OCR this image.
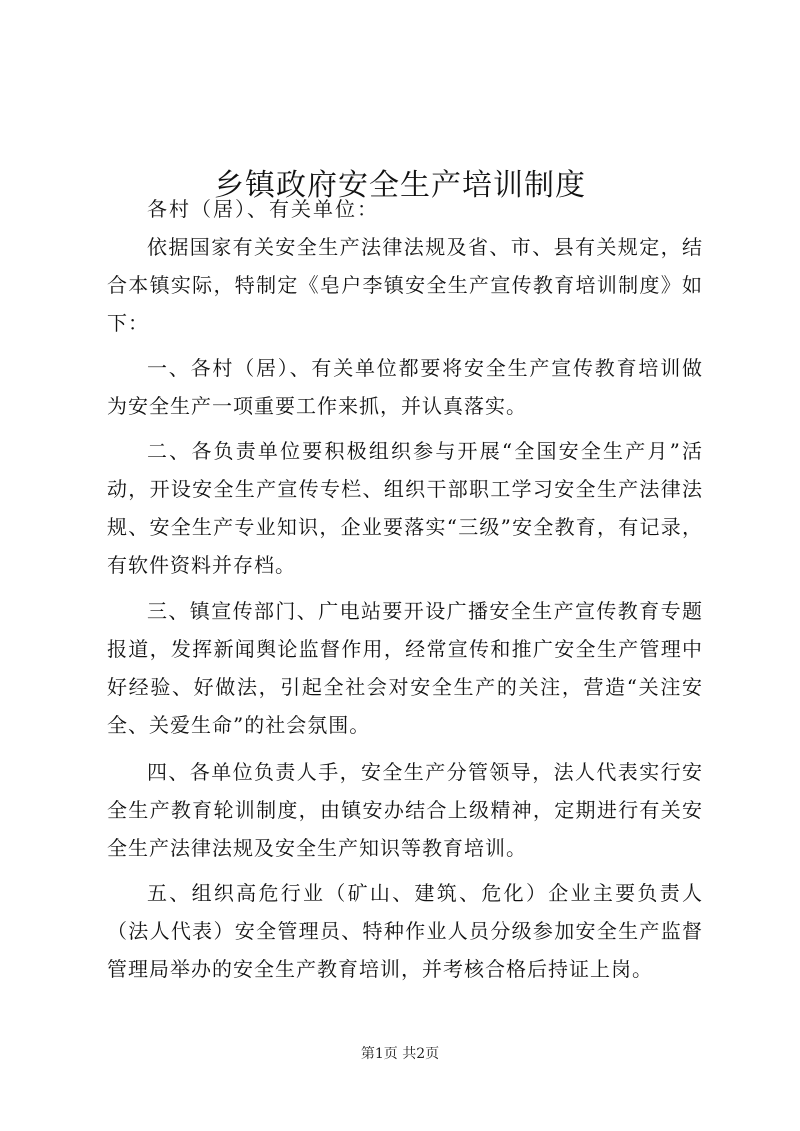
乡镇政府安全生产培训制度
各村（居）、有关单位：

依据国家有关安全生产法律法规及省、市、县有关规定，结合本镇实际，特制定《皂户李镇安全生产宣传教育培训制度》如下：

一、各村（居）、有关单位都要将安全生产宣传教育培训做为安全生产一项重要工作来抓，并认真落实。

二、各负责单位要积极组织参与开展“全国安全生产月”活动，开设安全生产宣传专栏、组织干部职工学习安全生产法律法规、安全生产专业知识，企业要落实“三级”安全教育，有记录，有软件资料并存档。

三、镇宣传部门、广电站要开设广播安全生产宣传教育专题报道，发挥新闻舆论监督作用，经常宣传和推广安全生产管理中好经验、好做法，引起全社会对安全生产的关注，营造“关注安全、关爱生命”的社会氛围。

四、各单位负责人手，安全生产分管领导，法人代表实行安全生产教育轮训制度，由镇安办结合上级精神，定期进行有关安全生产法律法规及安全生产知识等教育培训。

五、组织高危行业（矿山、建筑、危化）企业主要负责人（法人代表）安全管理员、特种作业人员分级参加安全生产监督管理局举办的安全生产教育培训，并考核合格后持证上岗。

第1页 共2页
